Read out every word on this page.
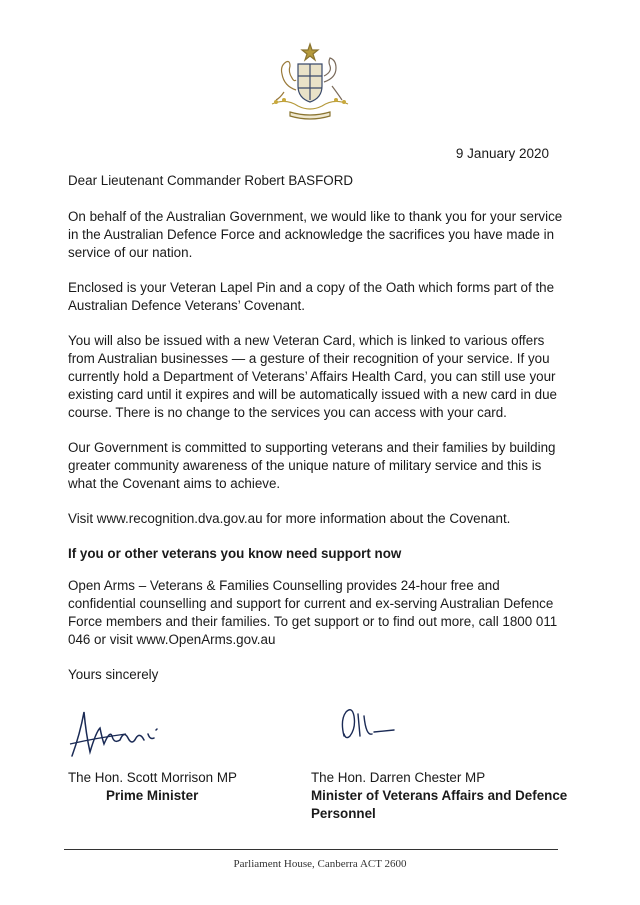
9 January 2020

Dear Lieutenant Commander Robert BASFORD

On behalf of the Australian Government, we would like to thank you for your service in the Australian Defence Force and acknowledge the sacrifices you have made in service of our nation.

Enclosed is your Veteran Lapel Pin and a copy of the Oath which forms part of the Australian Defence Veterans’ Covenant.

You will also be issued with a new Veteran Card, which is linked to various offers from Australian businesses — a gesture of their recognition of your service. If you currently hold a Department of Veterans’ Affairs Health Card, you can still use your existing card until it expires and will be automatically issued with a new card in due course. There is no change to the services you can access with your card.

Our Government is committed to supporting veterans and their families by building greater community awareness of the unique nature of military service and this is what the Covenant aims to achieve.

Visit www.recognition.dva.gov.au for more information about the Covenant.

If you or other veterans you know need support now

Open Arms – Veterans & Families Counselling provides 24-hour free and confidential counselling and support for current and ex-serving Australian Defence Force members and their families. To get support or to find out more, call 1800 011 046 or visit www.OpenArms.gov.au

Yours sincerely

The Hon. Scott Morrison MP
Prime Minister
The Hon. Darren Chester MP
Minister of Veterans Affairs and Defence Personnel
Parliament House, Canberra ACT 2600
